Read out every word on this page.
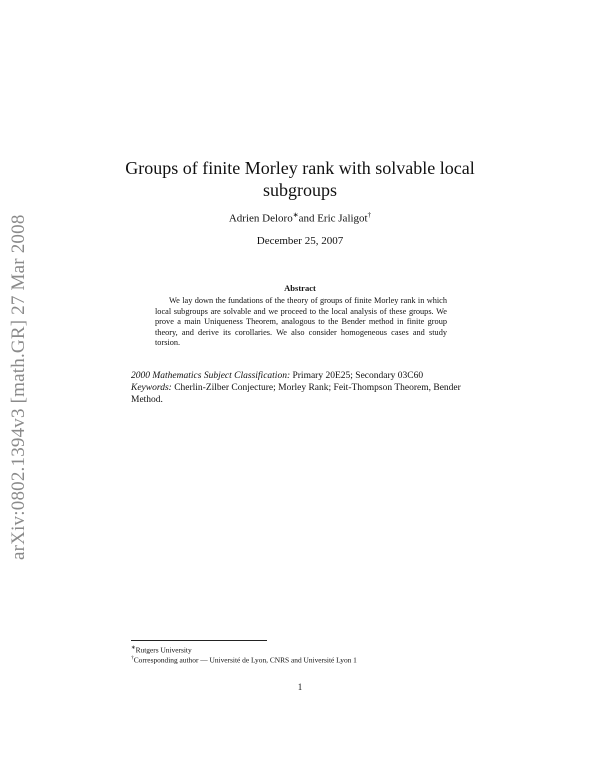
arXiv:0802.1394v3 [math.GR] 27 Mar 2008
Groups of finite Morley rank with solvable local subgroups
Adrien Deloro∗and Eric Jaligot†
December 25, 2007
Abstract
We lay down the fundations of the theory of groups of finite Morley rank in which local subgroups are solvable and we proceed to the local analysis of these groups. We prove a main Uniqueness Theorem, analogous to the Bender method in finite group theory, and derive its corollaries. We also consider homogeneous cases and study torsion.
2000 Mathematics Subject Classification: Primary 20E25; Secondary 03C60
Keywords: Cherlin-Zilber Conjecture; Morley Rank; Feit-Thompson Theorem, Bender Method.
∗Rutgers University
†Corresponding author — Université de Lyon, CNRS and Université Lyon 1
1
